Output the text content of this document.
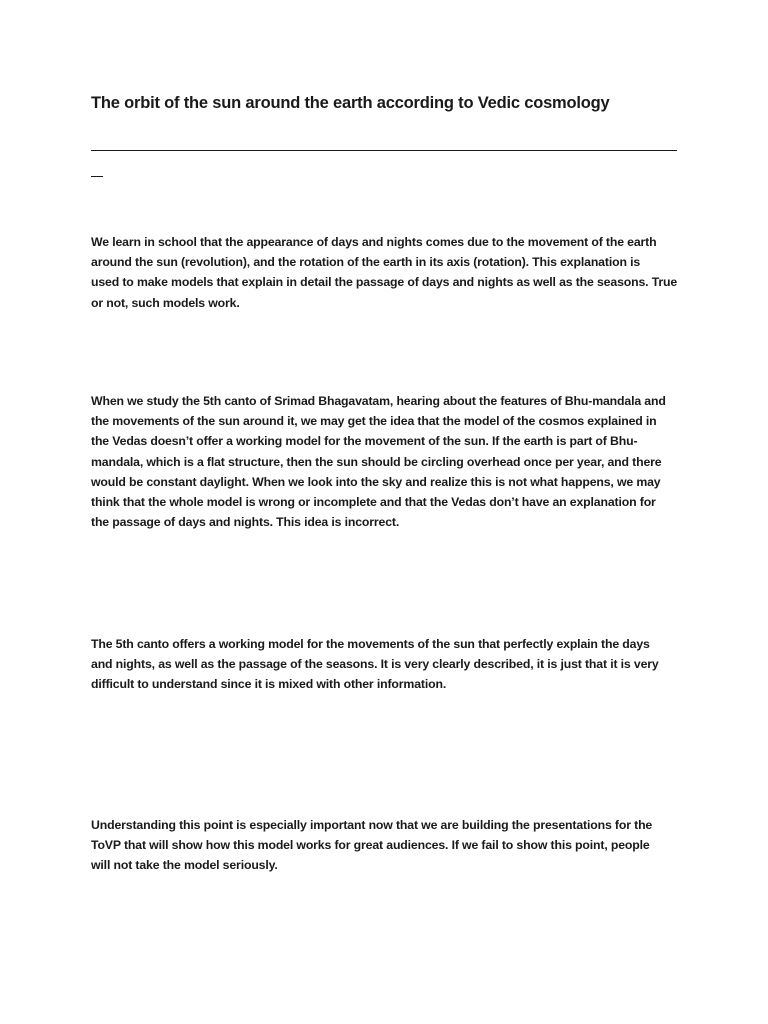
The orbit of the sun around the earth according to Vedic cosmology

We learn in school that the appearance of days and nights comes due to the movement of the earth
around the sun (revolution), and the rotation of the earth in its axis (rotation). This explanation is
used to make models that explain in detail the passage of days and nights as well as the seasons. True
or not, such models work.

When we study the 5th canto of Srimad Bhagavatam, hearing about the features of Bhu-mandala and
the movements of the sun around it, we may get the idea that the model of the cosmos explained in
the Vedas doesn’t offer a working model for the movement of the sun. If the earth is part of Bhu-
mandala, which is a flat structure, then the sun should be circling overhead once per year, and there
would be constant daylight. When we look into the sky and realize this is not what happens, we may
think that the whole model is wrong or incomplete and that the Vedas don’t have an explanation for
the passage of days and nights. This idea is incorrect.

The 5th canto offers a working model for the movements of the sun that perfectly explain the days
and nights, as well as the passage of the seasons. It is very clearly described, it is just that it is very
difficult to understand since it is mixed with other information.

Understanding this point is especially important now that we are building the presentations for the
ToVP that will show how this model works for great audiences. If we fail to show this point, people
will not take the model seriously.
